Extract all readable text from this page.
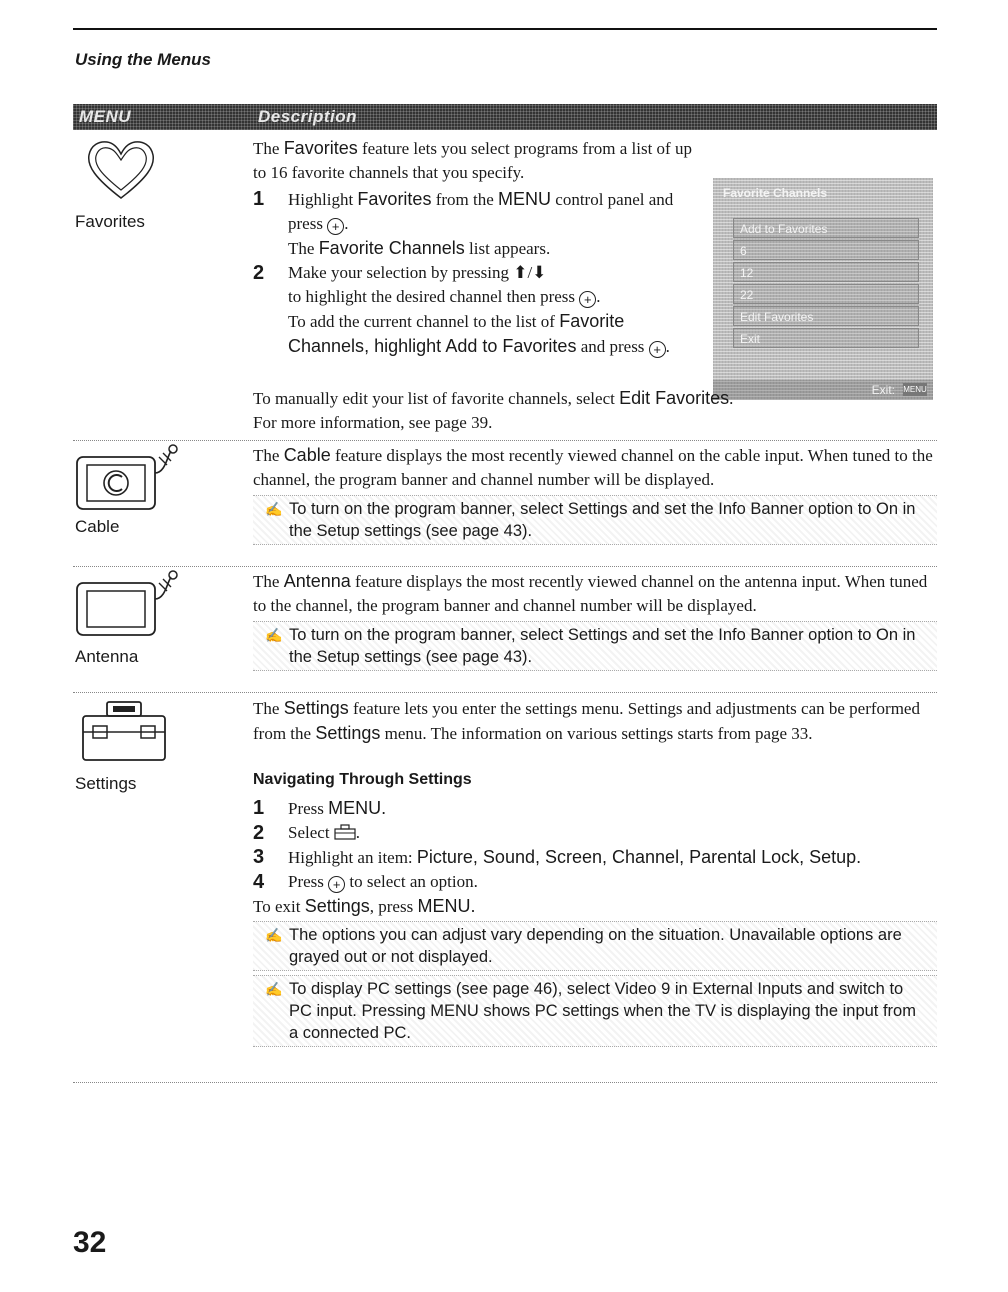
Using the Menus
MENU	Description
Favorites

The Favorites feature lets you select programs from a list of up to 16 favorite channels that you specify.

1 Highlight Favorites from the MENU control panel and press + .
The Favorite Channels list appears.
2 Make your selection by pressing ⬆/⬇
to highlight the desired channel then press + .
To add the current channel to the list of Favorite Channels, highlight Add to Favorites and press + .
Favorite Channels
Add to Favorites
6
12
22
Edit Favorites
Exit
Exit: MENU

To manually edit your list of favorite channels, select Edit Favorites.

For more information, see page 39.

Cable

The Cable feature displays the most recently viewed channel on the cable input. When tuned to the channel, the program banner and channel number will be displayed.

✍ To turn on the program banner, select Settings and set the Info Banner option to On in the Setup settings (see page 43).
Antenna

The Antenna feature displays the most recently viewed channel on the antenna input. When tuned to the channel, the program banner and channel number will be displayed.

✍ To turn on the program banner, select Settings and set the Info Banner option to On in the Setup settings (see page 43).
Settings

The Settings feature lets you enter the settings menu. Settings and adjustments can be performed from the Settings menu. The information on various settings starts from page 33.

Navigating Through Settings

1 Press MENU.
2 Select .
3 Highlight an item: Picture, Sound, Screen, Channel, Parental Lock, Setup.
4 Press + to select an option.

To exit Settings, press MENU.

✍ The options you can adjust vary depending on the situation. Unavailable options are grayed out or not displayed.
✍ To display PC settings (see page 46), select Video 9 in External Inputs and switch to PC input. Pressing MENU shows PC settings when the TV is displaying the input from a connected PC.
32
